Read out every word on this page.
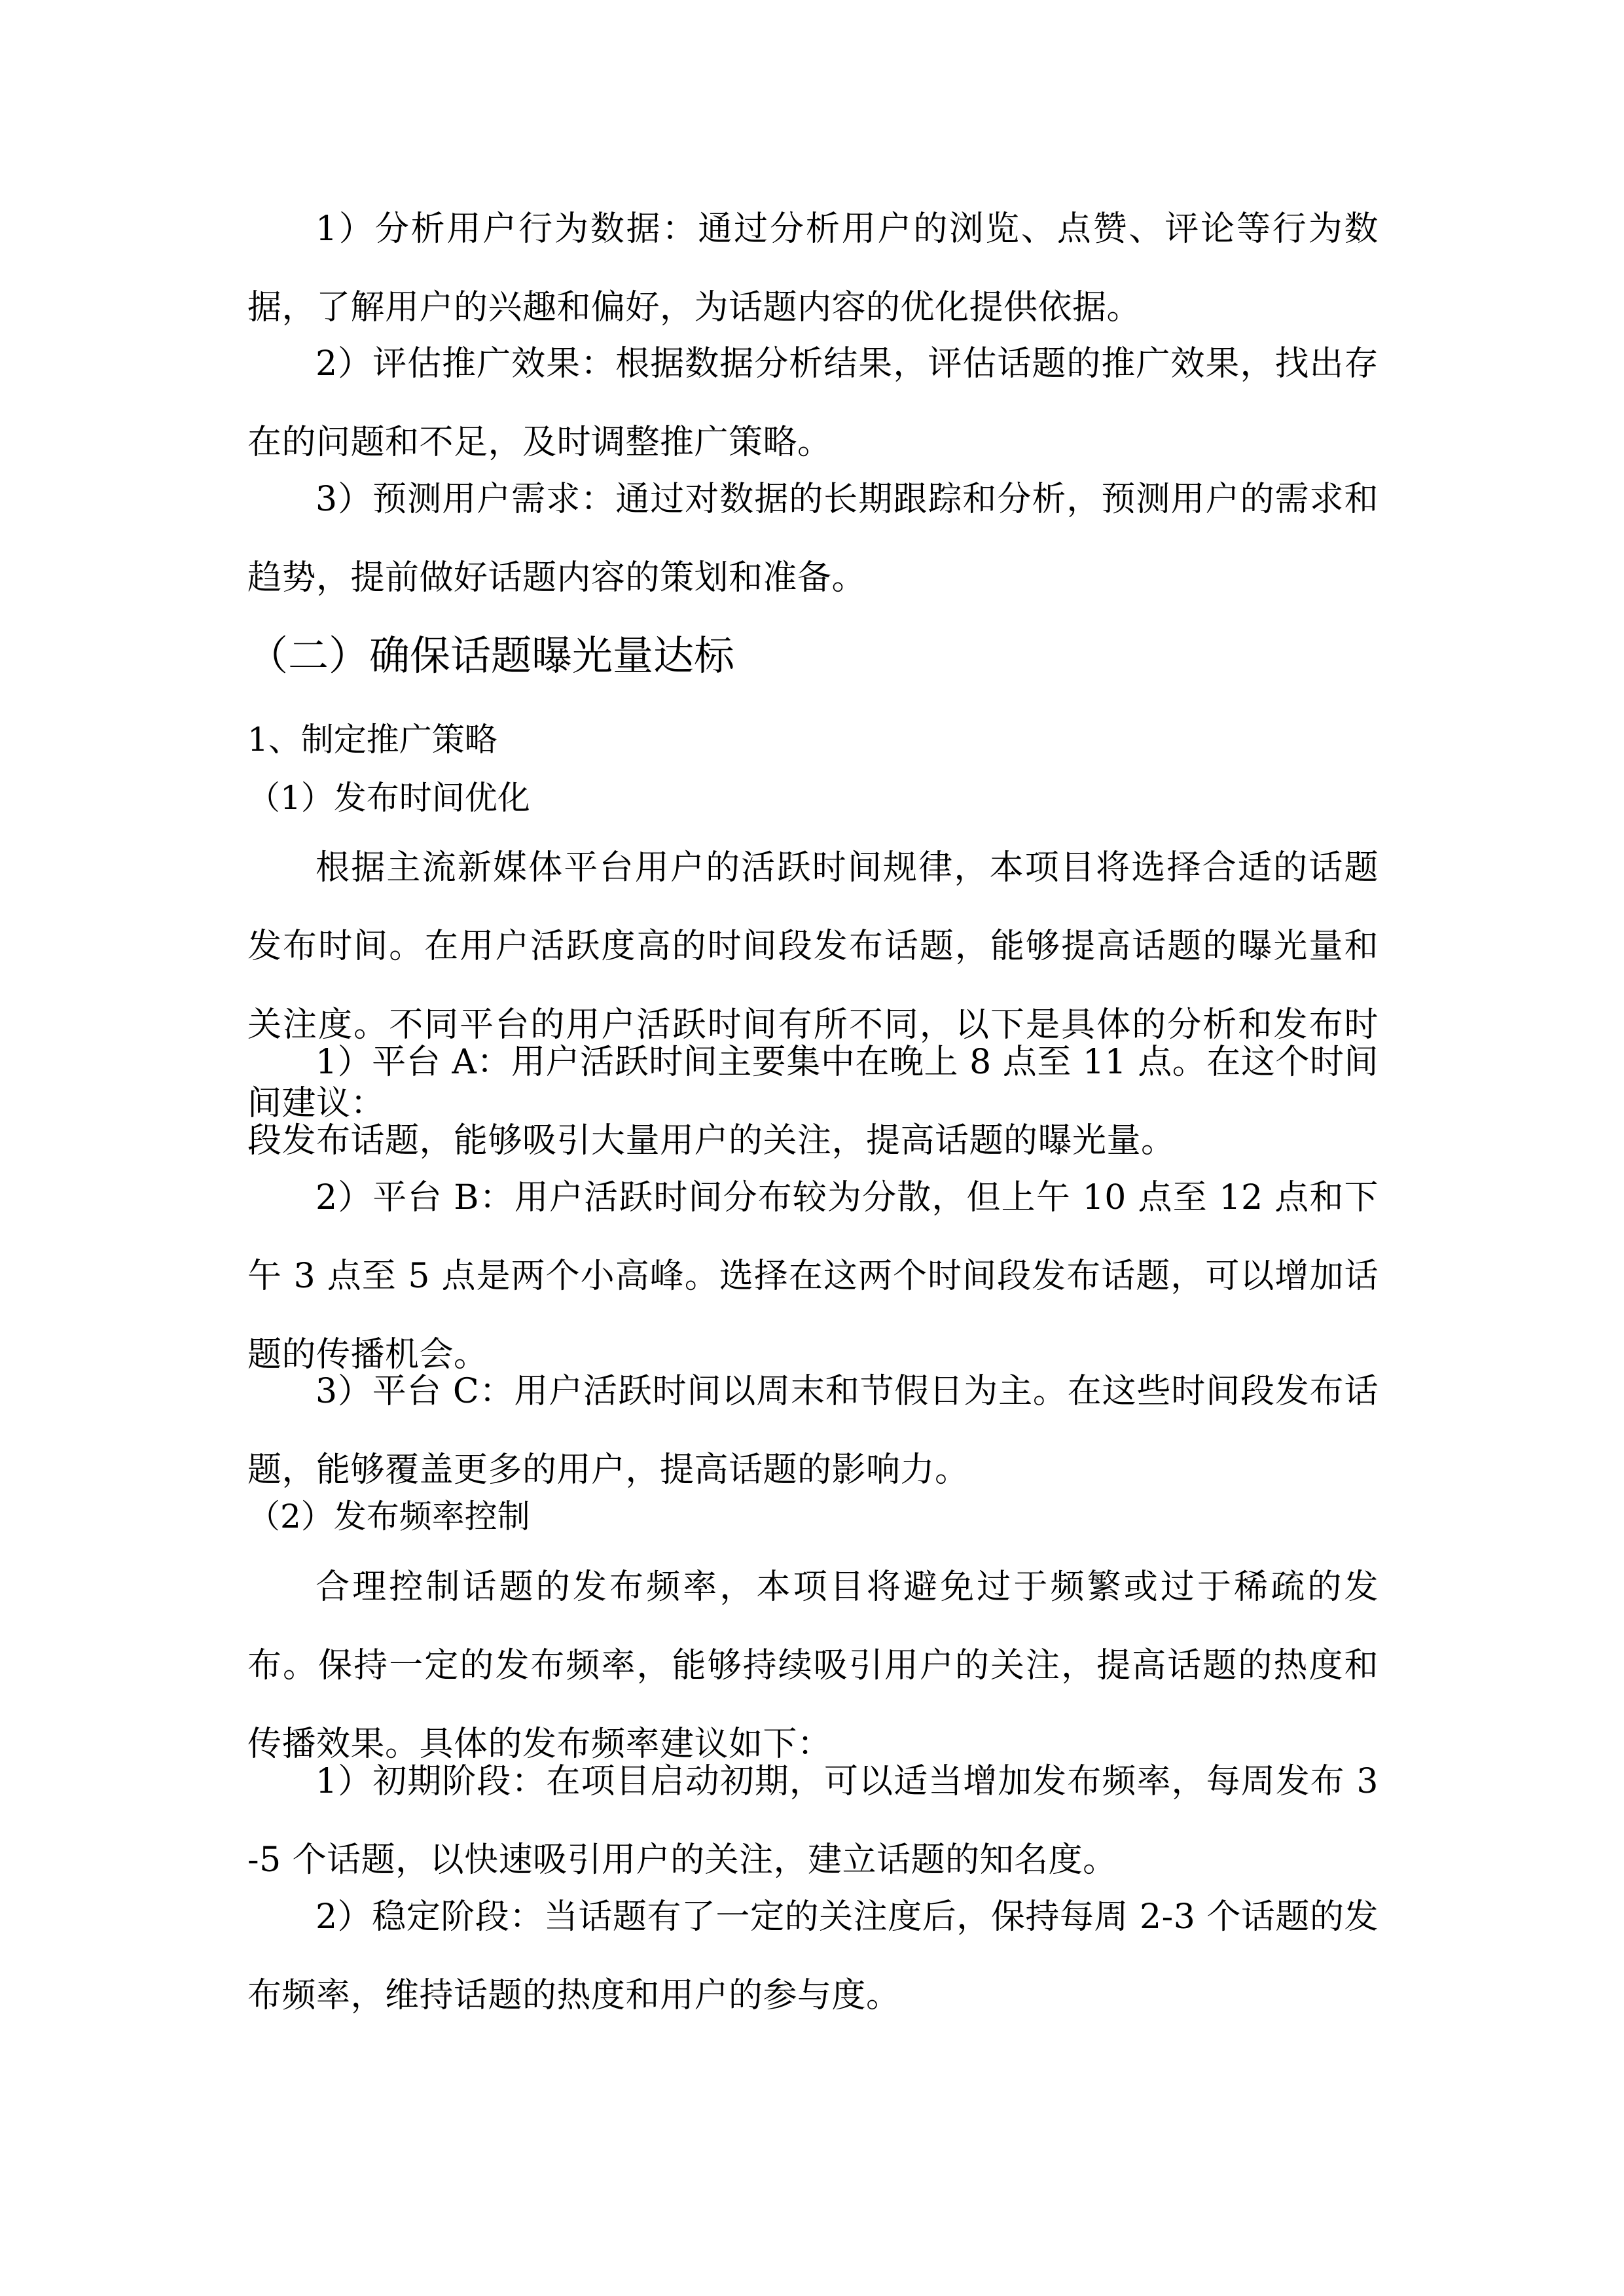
1）分析用户行为数据：通过分析用户的浏览、点赞、评论等行为数据，了解用户的兴趣和偏好，为话题内容的优化提供依据。

2）评估推广效果：根据数据分析结果，评估话题的推广效果，找出存在的问题和不足，及时调整推广策略。

3）预测用户需求：通过对数据的长期跟踪和分析，预测用户的需求和趋势，提前做好话题内容的策划和准备。

（二）确保话题曝光量达标
1、制定推广策略
（1）发布时间优化

根据主流新媒体平台用户的活跃时间规律，本项目将选择合适的话题发布时间。在用户活跃度高的时间段发布话题，能够提高话题的曝光量和关注度。不同平台的用户活跃时间有所不同，以下是具体的分析和发布时间建议：

1）平台 A：用户活跃时间主要集中在晚上 8 点至 11 点。在这个时间段发布话题，能够吸引大量用户的关注，提高话题的曝光量。

2）平台 B：用户活跃时间分布较为分散，但上午 10 点至 12 点和下午 3 点至 5 点是两个小高峰。选择在这两个时间段发布话题，可以增加话题的传播机会。

3）平台 C：用户活跃时间以周末和节假日为主。在这些时间段发布话题，能够覆盖更多的用户，提高话题的影响力。

（2）发布频率控制

合理控制话题的发布频率，本项目将避免过于频繁或过于稀疏的发布。保持一定的发布频率，能够持续吸引用户的关注，提高话题的热度和传播效果。具体的发布频率建议如下：

1）初期阶段：在项目启动初期，可以适当增加发布频率，每周发布 3-5 个话题，以快速吸引用户的关注，建立话题的知名度。

2）稳定阶段：当话题有了一定的关注度后，保持每周 2-3 个话题的发布频率，维持话题的热度和用户的参与度。
